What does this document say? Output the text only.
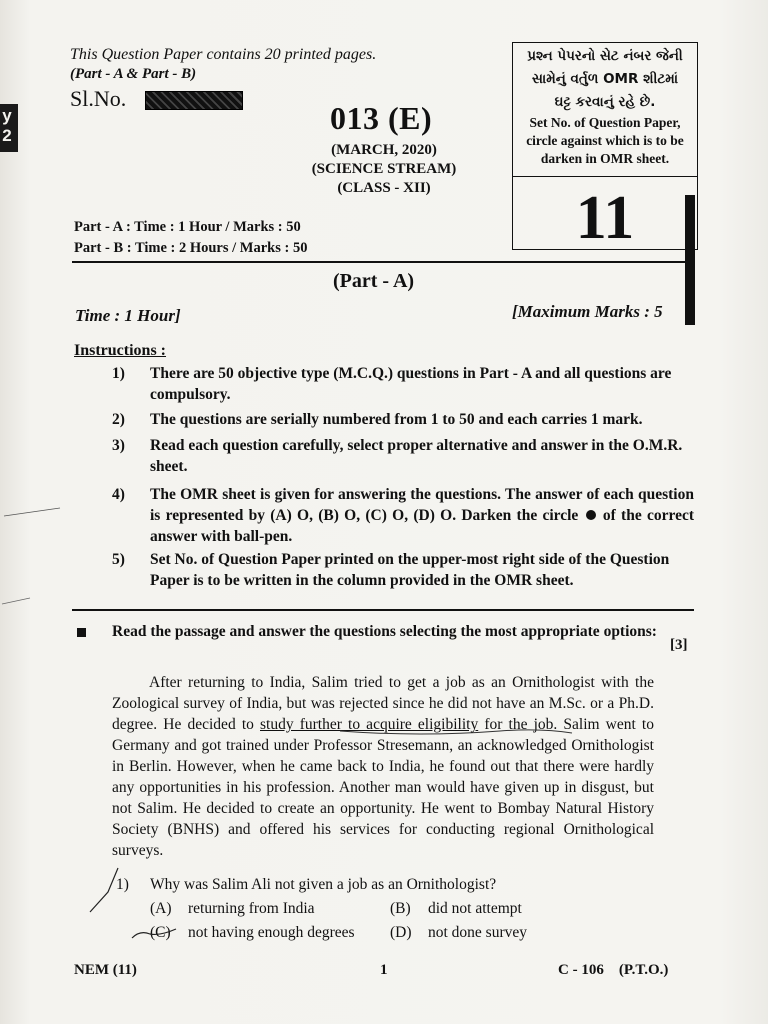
y 2
This Question Paper contains 20 printed pages.
(Part - A & Part - B)
Sl.No.
013 (E)
(MARCH, 2020)
(SCIENCE STREAM)
(CLASS - XII)
પ્રશ્ન પેપરનો સેટ નંબર જેની
સામેનું વર્તુળ OMR શીટમાં
ઘટ્ટ કરવાનું રહે છે.
Set No. of Question Paper,
circle against which is to be
darken in OMR sheet.
11
Part - A : Time : 1 Hour / Marks : 50
Part - B : Time : 2 Hours / Marks : 50
(Part - A)
Time : 1 Hour]	[Maximum Marks : 5
Instructions :
1) There are 50 objective type (M.C.Q.) questions in Part - A and all questions are compulsory.
2) The questions are serially numbered from 1 to 50 and each carries 1 mark.
3) Read each question carefully, select proper alternative and answer in the O.M.R. sheet.
4) The OMR sheet is given for answering the questions. The answer of each question is represented by (A) O, (B) O, (C) O, (D) O. Darken the circle of the correct answer with ball-pen.
5) Set No. of Question Paper printed on the upper-most right side of the Question Paper is to be written in the column provided in the OMR sheet.
Read the passage and answer the questions selecting the most appropriate options:
[3]
After returning to India, Salim tried to get a job as an Ornithologist with the Zoological survey of India, but was rejected since he did not have an M.Sc. or a Ph.D. degree. He decided to study further to acquire eligibility for the job. Salim went to Germany and got trained under Professor Stresemann, an acknowledged Ornithologist in Berlin. However, when he came back to India, he found out that there were hardly any opportunities in his profession. Another man would have given up in disgust, but not Salim. He decided to create an opportunity. He went to Bombay Natural History Society (BNHS) and offered his services for conducting regional Ornithological surveys.
1) Why was Salim Ali not given a job as an Ornithologist?
(A) returning from India	(B) did not attempt
(C) not having enough degrees (D) not done survey
NEM (11)	1	C - 106    (P.T.O.)
